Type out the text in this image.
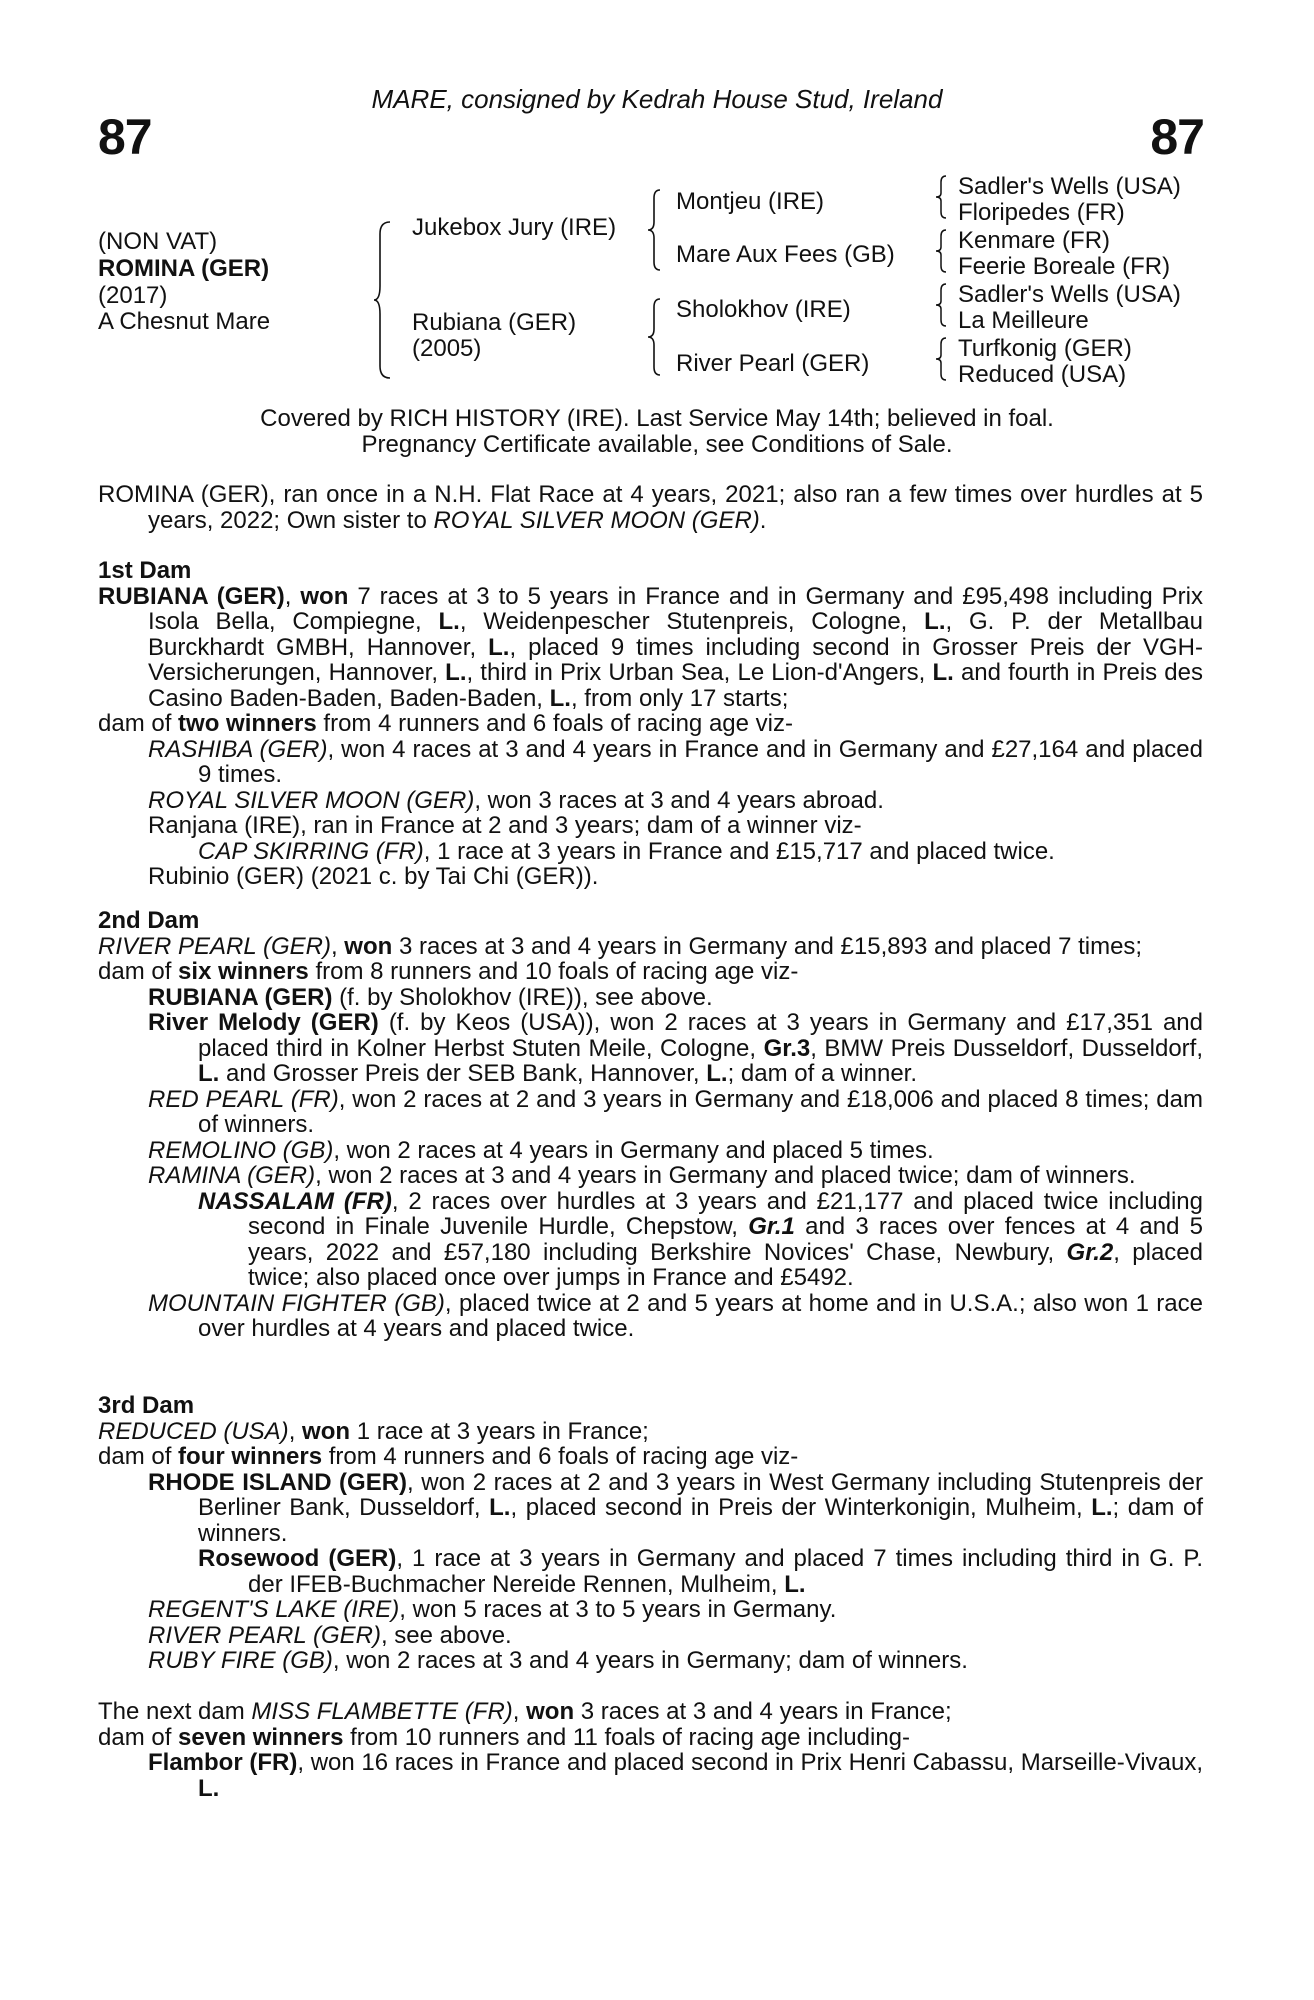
87
MARE, consigned by Kedrah House Stud, Ireland
87
(NON VAT)
ROMINA (GER)
(2017)
A Chesnut Mare
Jukebox Jury (IRE)
Rubiana (GER)
(2005)
Montjeu (IRE)
Mare Aux Fees (GB)
Sholokhov (IRE)
River Pearl (GER)
Sadler's Wells (USA)
Floripedes (FR)
Kenmare (FR)
Feerie Boreale (FR)
Sadler's Wells (USA)
La Meilleure
Turfkonig (GER)
Reduced (USA)
Covered by RICH HISTORY (IRE). Last Service May 14th; believed in foal.
Pregnancy Certificate available, see Conditions of Sale.

ROMINA (GER), ran once in a N.H. Flat Race at 4 years, 2021; also ran a few times over hurdles at 5 years, 2022; Own sister to ROYAL SILVER MOON (GER).

1st Dam

RUBIANA (GER), won 7 races at 3 to 5 years in France and in Germany and £95,498 including Prix Isola Bella, Compiegne, L., Weidenpescher Stutenpreis, Cologne, L., G. P. der Metallbau Burckhardt GMBH, Hannover, L., placed 9 times including second in Grosser Preis der VGH-Versicherungen, Hannover, L., third in Prix Urban Sea, Le Lion-d'Angers, L. and fourth in Preis des Casino Baden-Baden, Baden-Baden, L., from only 17 starts;

dam of two winners from 4 runners and 6 foals of racing age viz-

RASHIBA (GER), won 4 races at 3 and 4 years in France and in Germany and £27,164 and placed 9 times.

ROYAL SILVER MOON (GER), won 3 races at 3 and 4 years abroad.

Ranjana (IRE), ran in France at 2 and 3 years; dam of a winner viz-

CAP SKIRRING (FR), 1 race at 3 years in France and £15,717 and placed twice.

Rubinio (GER) (2021 c. by Tai Chi (GER)).

2nd Dam

RIVER PEARL (GER), won 3 races at 3 and 4 years in Germany and £15,893 and placed 7 times;

dam of six winners from 8 runners and 10 foals of racing age viz-

RUBIANA (GER) (f. by Sholokhov (IRE)), see above.

River Melody (GER) (f. by Keos (USA)), won 2 races at 3 years in Germany and £17,351 and placed third in Kolner Herbst Stuten Meile, Cologne, Gr.3, BMW Preis Dusseldorf, Dusseldorf, L. and Grosser Preis der SEB Bank, Hannover, L.; dam of a winner.

RED PEARL (FR), won 2 races at 2 and 3 years in Germany and £18,006 and placed 8 times; dam of winners.

REMOLINO (GB), won 2 races at 4 years in Germany and placed 5 times.

RAMINA (GER), won 2 races at 3 and 4 years in Germany and placed twice; dam of winners.

NASSALAM (FR), 2 races over hurdles at 3 years and £21,177 and placed twice including second in Finale Juvenile Hurdle, Chepstow, Gr.1 and 3 races over fences at 4 and 5 years, 2022 and £57,180 including Berkshire Novices' Chase, Newbury, Gr.2, placed twice; also placed once over jumps in France and £5492.

MOUNTAIN FIGHTER (GB), placed twice at 2 and 5 years at home and in U.S.A.; also won 1 race over hurdles at 4 years and placed twice.

3rd Dam

REDUCED (USA), won 1 race at 3 years in France;

dam of four winners from 4 runners and 6 foals of racing age viz-

RHODE ISLAND (GER), won 2 races at 2 and 3 years in West Germany including Stutenpreis der Berliner Bank, Dusseldorf, L., placed second in Preis der Winterkonigin, Mulheim, L.; dam of winners.

Rosewood (GER), 1 race at 3 years in Germany and placed 7 times including third in G. P. der IFEB-Buchmacher Nereide Rennen, Mulheim, L.

REGENT'S LAKE (IRE), won 5 races at 3 to 5 years in Germany.

RIVER PEARL (GER), see above.

RUBY FIRE (GB), won 2 races at 3 and 4 years in Germany; dam of winners.

The next dam MISS FLAMBETTE (FR), won 3 races at 3 and 4 years in France;

dam of seven winners from 10 runners and 11 foals of racing age including-

Flambor (FR), won 16 races in France and placed second in Prix Henri Cabassu, Marseille-Vivaux, L.
